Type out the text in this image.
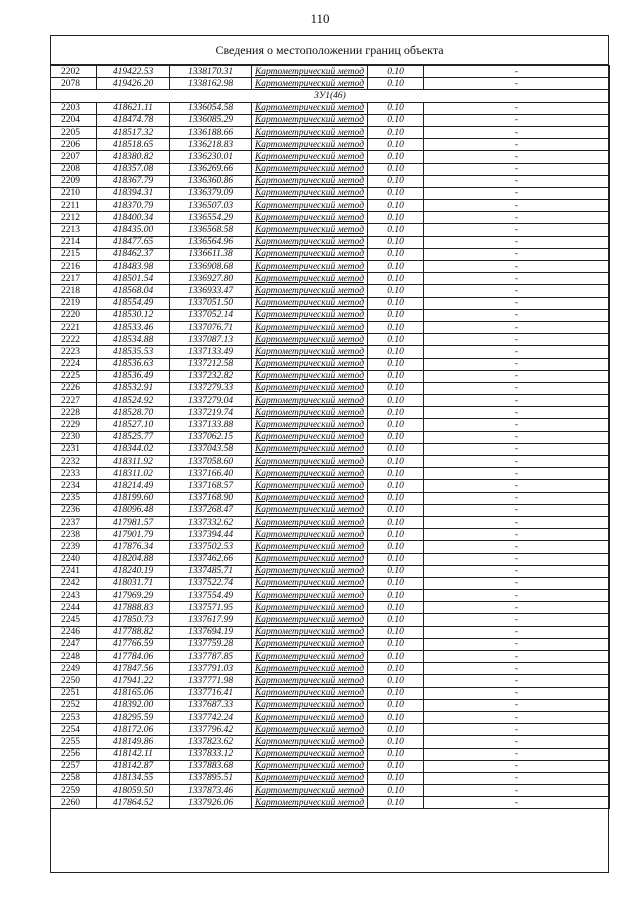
110
Сведения о местоположении границ объекта
2202	419422.53	1338170.31	Картометрический метод	0.10	-
2078	419426.20	1338162.98	Картометрический метод	0.10	-
3У1(46)					
2203	418621.11	1336054.58	Картометрический метод	0.10	-
2204	418474.78	1336085.29	Картометрический метод	0.10	-
2205	418517.32	1336188.66	Картометрический метод	0.10	-
2206	418518.65	1336218.83	Картометрический метод	0.10	-
2207	418380.82	1336230.01	Картометрический метод	0.10	-
2208	418357.08	1336269.66	Картометрический метод	0.10	-
2209	418367.79	1336360.86	Картометрический метод	0.10	-
2210	418394.31	1336379.09	Картометрический метод	0.10	-
2211	418370.79	1336507.03	Картометрический метод	0.10	-
2212	418400.34	1336554.29	Картометрический метод	0.10	-
2213	418435.00	1336568.58	Картометрический метод	0.10	-
2214	418477.65	1336564.96	Картометрический метод	0.10	-
2215	418462.37	1336611.38	Картометрический метод	0.10	-
2216	418483.98	1336908.68	Картометрический метод	0.10	-
2217	418501.54	1336927.80	Картометрический метод	0.10	-
2218	418568.04	1336933.47	Картометрический метод	0.10	-
2219	418554.49	1337051.50	Картометрический метод	0.10	-
2220	418530.12	1337052.14	Картометрический метод	0.10	-
2221	418533.46	1337076.71	Картометрический метод	0.10	-
2222	418534.88	1337087.13	Картометрический метод	0.10	-
2223	418535.53	1337133.49	Картометрический метод	0.10	-
2224	418536.63	1337212.58	Картометрический метод	0.10	-
2225	418536.49	1337232.82	Картометрический метод	0.10	-
2226	418532.91	1337279.33	Картометрический метод	0.10	-
2227	418524.92	1337279.04	Картометрический метод	0.10	-
2228	418528.70	1337219.74	Картометрический метод	0.10	-
2229	418527.10	1337133.88	Картометрический метод	0.10	-
2230	418525.77	1337062.15	Картометрический метод	0.10	-
2231	418344.02	1337043.58	Картометрический метод	0.10	-
2232	418311.92	1337058.60	Картометрический метод	0.10	-
2233	418311.02	1337166.40	Картометрический метод	0.10	-
2234	418214.49	1337168.57	Картометрический метод	0.10	-
2235	418199.60	1337168.90	Картометрический метод	0.10	-
2236	418096.48	1337268.47	Картометрический метод	0.10	-
2237	417981.57	1337332.62	Картометрический метод	0.10	-
2238	417901.79	1337394.44	Картометрический метод	0.10	-
2239	417876.34	1337502.53	Картометрический метод	0.10	-
2240	418204.88	1337462.66	Картометрический метод	0.10	-
2241	418240.19	1337485.71	Картометрический метод	0.10	-
2242	418031.71	1337522.74	Картометрический метод	0.10	-
2243	417969.29	1337554.49	Картометрический метод	0.10	-
2244	417888.83	1337571.95	Картометрический метод	0.10	-
2245	417850.73	1337617.99	Картометрический метод	0.10	-
2246	417788.82	1337694.19	Картометрический метод	0.10	-
2247	417766.59	1337759.28	Картометрический метод	0.10	-
2248	417784.06	1337787.85	Картометрический метод	0.10	-
2249	417847.56	1337791.03	Картометрический метод	0.10	-
2250	417941.22	1337771.98	Картометрический метод	0.10	-
2251	418165.06	1337716.41	Картометрический метод	0.10	-
2252	418392.00	1337687.33	Картометрический метод	0.10	-
2253	418295.59	1337742.24	Картометрический метод	0.10	-
2254	418172.06	1337796.42	Картометрический метод	0.10	-
2255	418149.86	1337823.62	Картометрический метод	0.10	-
2256	418142.11	1337833.12	Картометрический метод	0.10	-
2257	418142.87	1337883.68	Картометрический метод	0.10	-
2258	418134.55	1337895.51	Картометрический метод	0.10	-
2259	418059.50	1337873.46	Картометрический метод	0.10	-
2260	417864.52	1337926.06	Картометрический метод	0.10	-
